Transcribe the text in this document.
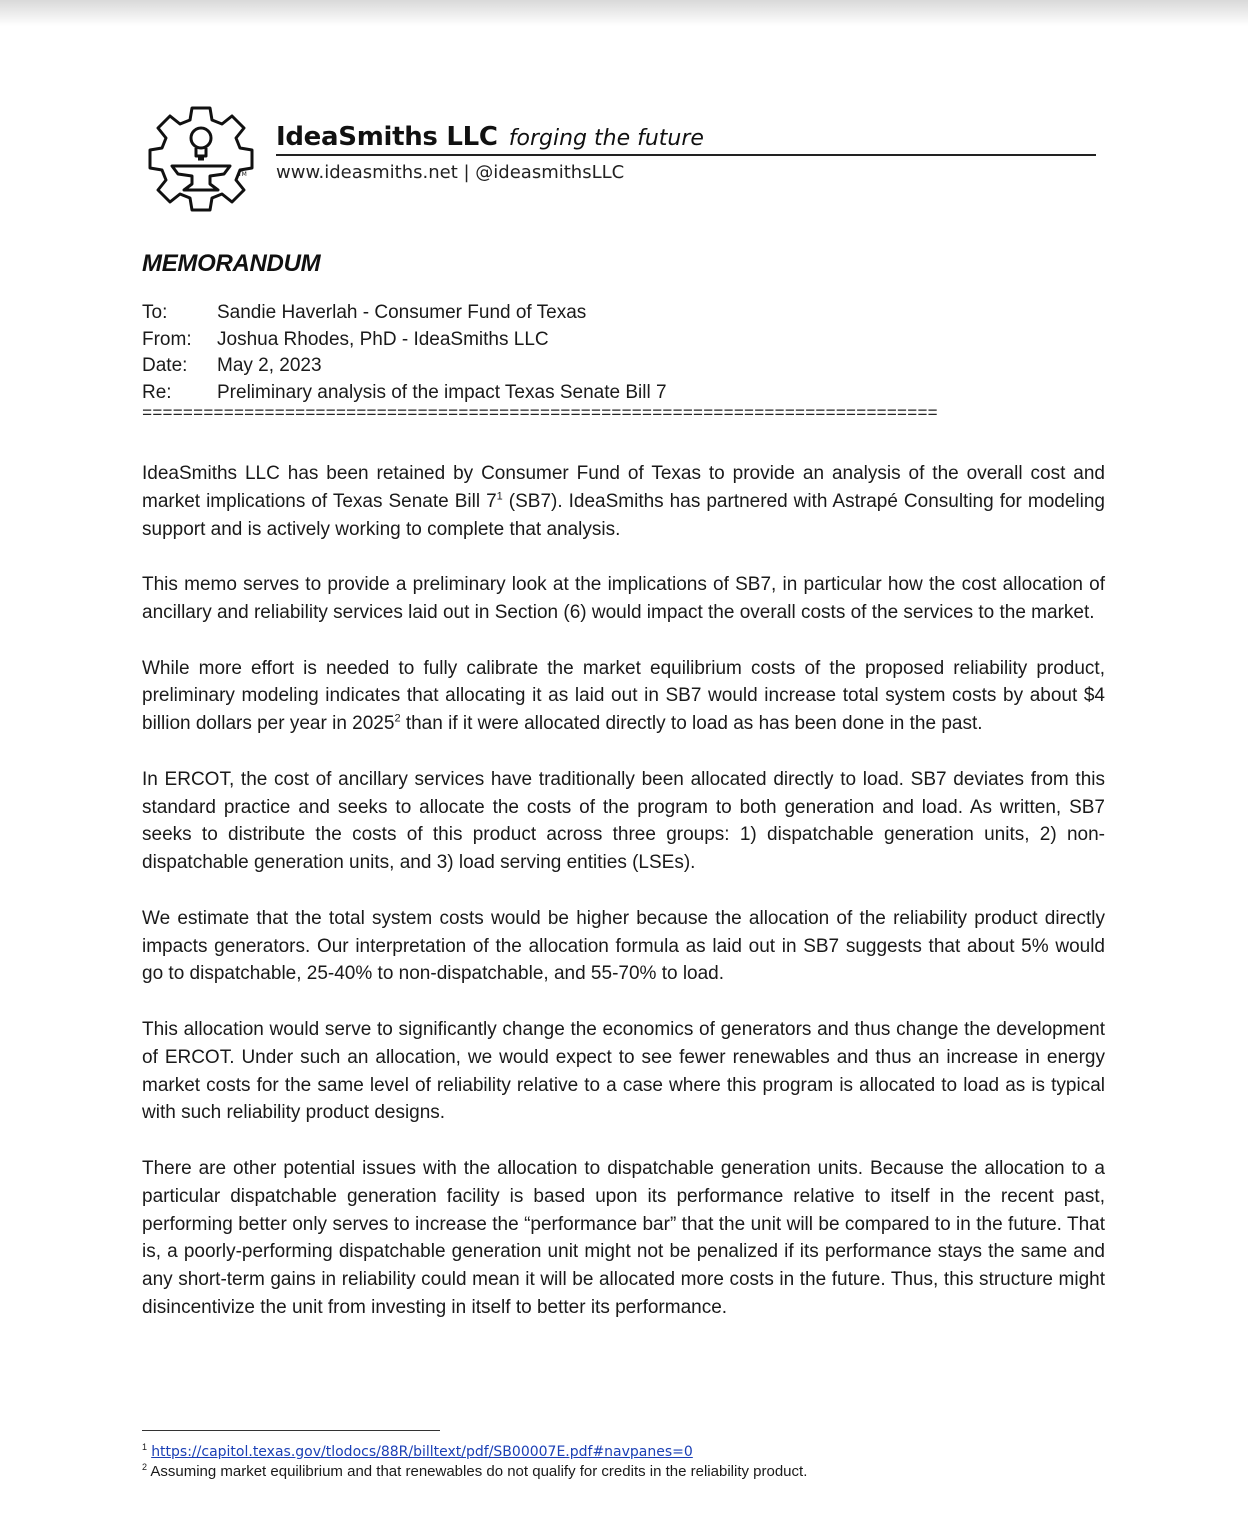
TM
IdeaSmiths LLC forging the future
www.ideasmiths.net | @ideasmithsLLC
MEMORANDUM
To:	Sandie Haverlah - Consumer Fund of Texas
From:	Joshua Rhodes, PhD - IdeaSmiths LLC
Date:	May 2, 2023
Re:	Preliminary analysis of the impact Texas Senate Bill 7
==============================================================================

IdeaSmiths LLC has been retained by Consumer Fund of Texas to provide an analysis of the overall cost and market implications of Texas Senate Bill $7^1$ (SB7). IdeaSmiths has partnered with Astrapé Consulting for modeling support and is actively working to complete that analysis.

This memo serves to provide a preliminary look at the implications of SB7, in particular how the cost allocation of ancillary and reliability services laid out in Section (6) would impact the overall costs of the services to the market.

While more effort is needed to fully calibrate the market equilibrium costs of the proposed reliability product, preliminary modeling indicates that allocating it as laid out in SB7 would increase total system costs by about $4 billion dollars per year in 2025$^2$ than if it were allocated directly to load as has been done in the past.

In ERCOT, the cost of ancillary services have traditionally been allocated directly to load. SB7 deviates from this standard practice and seeks to allocate the costs of the program to both generation and load. As written, SB7 seeks to distribute the costs of this product across three groups: 1) dispatchable generation units, 2) non-dispatchable generation units, and 3) load serving entities (LSEs).

We estimate that the total system costs would be higher because the allocation of the reliability product directly impacts generators. Our interpretation of the allocation formula as laid out in SB7 suggests that about 5% would go to dispatchable, 25-40% to non-dispatchable, and 55-70% to load.

This allocation would serve to significantly change the economics of generators and thus change the development of ERCOT. Under such an allocation, we would expect to see fewer renewables and thus an increase in energy market costs for the same level of reliability relative to a case where this program is allocated to load as is typical with such reliability product designs.

There are other potential issues with the allocation to dispatchable generation units. Because the allocation to a particular dispatchable generation facility is based upon its performance relative to itself in the recent past, performing better only serves to increase the “performance bar” that the unit will be compared to in the future. That is, a poorly-performing dispatchable generation unit might not be penalized if its performance stays the same and any short-term gains in reliability could mean it will be allocated more costs in the future. Thus, this structure might disincentivize the unit from investing in itself to better its performance.

$^1$ https://capitol.texas.gov/tlodocs/88R/billtext/pdf/SB00007E.pdf#navpanes=0
$^2$ Assuming market equilibrium and that renewables do not qualify for credits in the reliability product.
